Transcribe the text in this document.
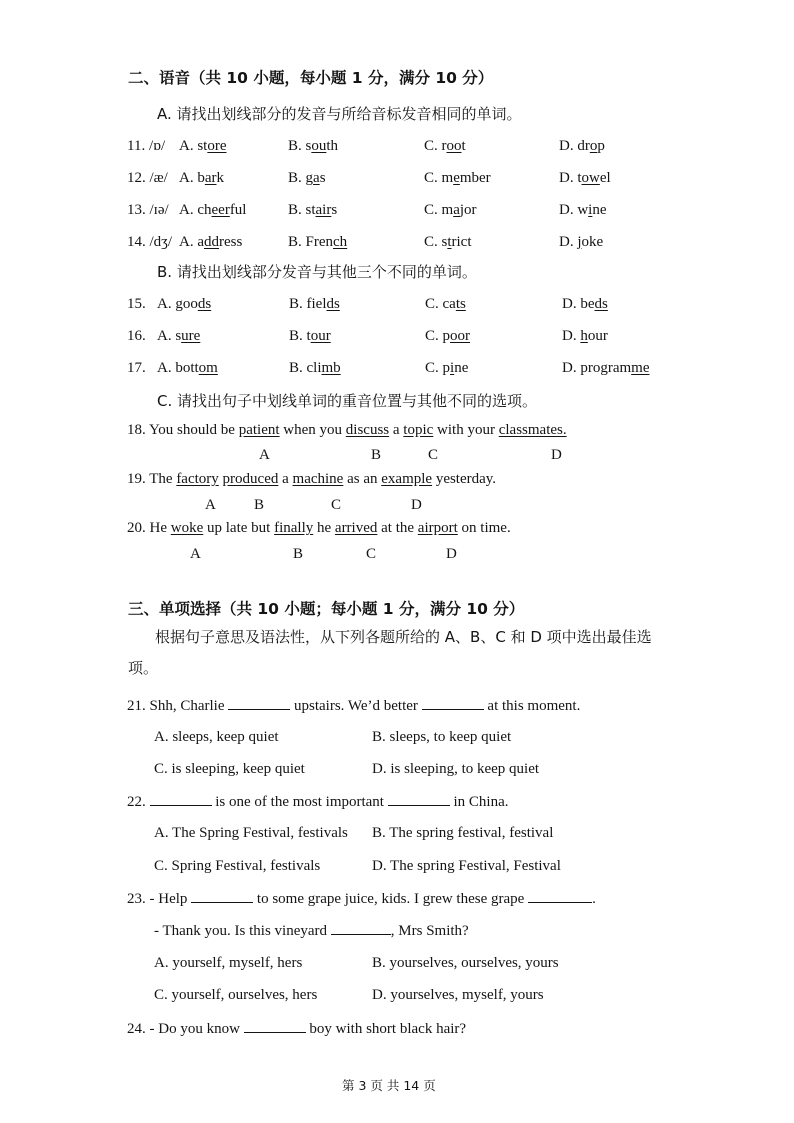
二、语音（共 10 小题，每小题 1 分，满分 10 分）
A. 请找出划线部分的发音与所给音标发音相同的单词。
11. /ɒ/ A. store	B. south	C. root	D. drop
12. /æ/ A. bark	B. gas	C. member	D. towel
13. /ɪə/ A. cheerful	B. stairs	C. major	D. wine
14. /dʒ/ A. address	B. French	C. strict	D. joke
B. 请找出划线部分发音与其他三个不同的单词。
15. A. goods	B. fields	C. cats	D. beds
16. A. sure	B. tour	C. poor	D. hour
17. A. bottom	B. climb	C. pine	D. programme
C. 请找出句子中划线单词的重音位置与其他不同的选项。
18. You should be patient when you discuss a topic with your classmates.
A	B	C	D
19. The factory produced a machine as an example yesterday.
A	B	C	D
20. He woke up late but finally he arrived at the airport on time.
A	B	C	D
三、单项选择（共 10 小题；每小题 1 分，满分 10 分）
根据句子意思及语法性，从下列各题所给的 A、B、C 和 D 项中选出最佳选
项。
21. Shh, Charlie	upstairs. We’d better	at this moment.
A. sleeps, keep quiet	B. sleeps, to keep quiet
C. is sleeping, keep quiet	D. is sleeping, to keep quiet
22.	is one of the most important	in China.
A. The Spring Festival, festivals B. The spring festival, festival
C. Spring Festival, festivals	D. The spring Festival, Festival
23. - Help	to some grape juice, kids. I grew these grape	.
- Thank you. Is this vineyard	, Mrs Smith?
A. yourself, myself, hers	B. yourselves, ourselves, yours
C. yourself, ourselves, hers	D. yourselves, myself, yours
24. - Do you know	boy with short black hair?
第 3 页 共 14 页
